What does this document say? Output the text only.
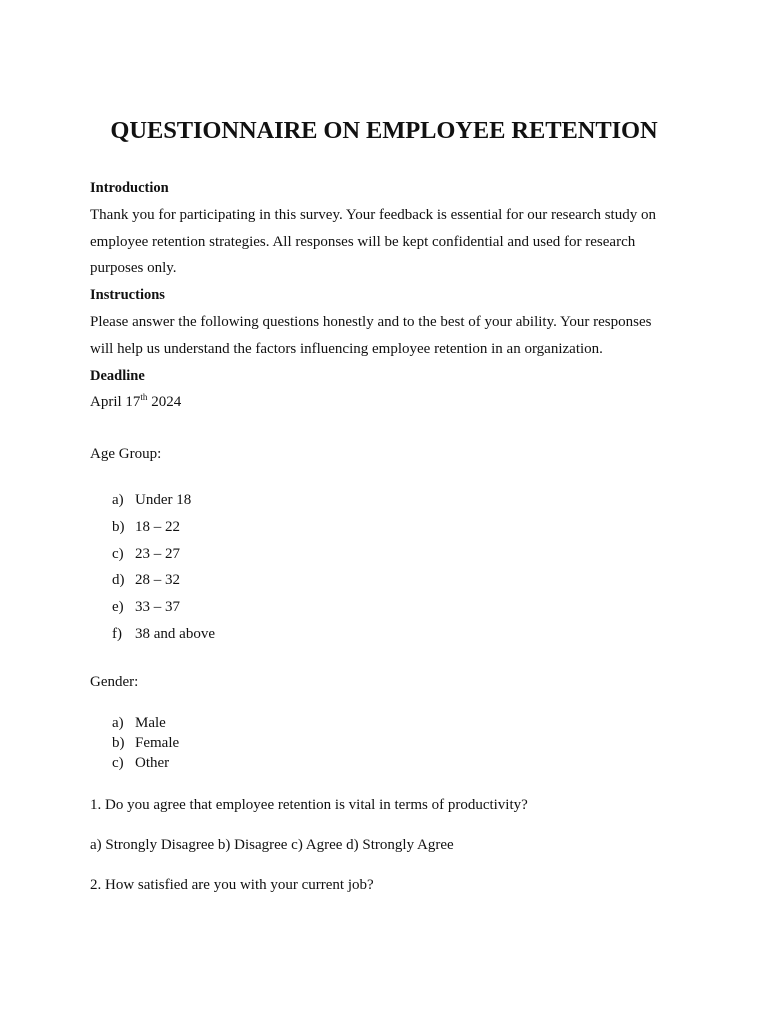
QUESTIONNAIRE ON EMPLOYEE RETENTION
Introduction
Thank you for participating in this survey. Your feedback is essential for our research study on
employee retention strategies. All responses will be kept confidential and used for research
purposes only.
Instructions
Please answer the following questions honestly and to the best of your ability. Your responses
will help us understand the factors influencing employee retention in an organization.
Deadline
April 17th 2024
Age Group:
a) Under 18
b) 18 – 22
c) 23 – 27
d) 28 – 32
e) 33 – 37
f) 38 and above
Gender:
a) Male
b) Female
c) Other
1. Do you agree that employee retention is vital in terms of productivity?
a) Strongly Disagree b) Disagree c) Agree d) Strongly Agree
2. How satisfied are you with your current job?
